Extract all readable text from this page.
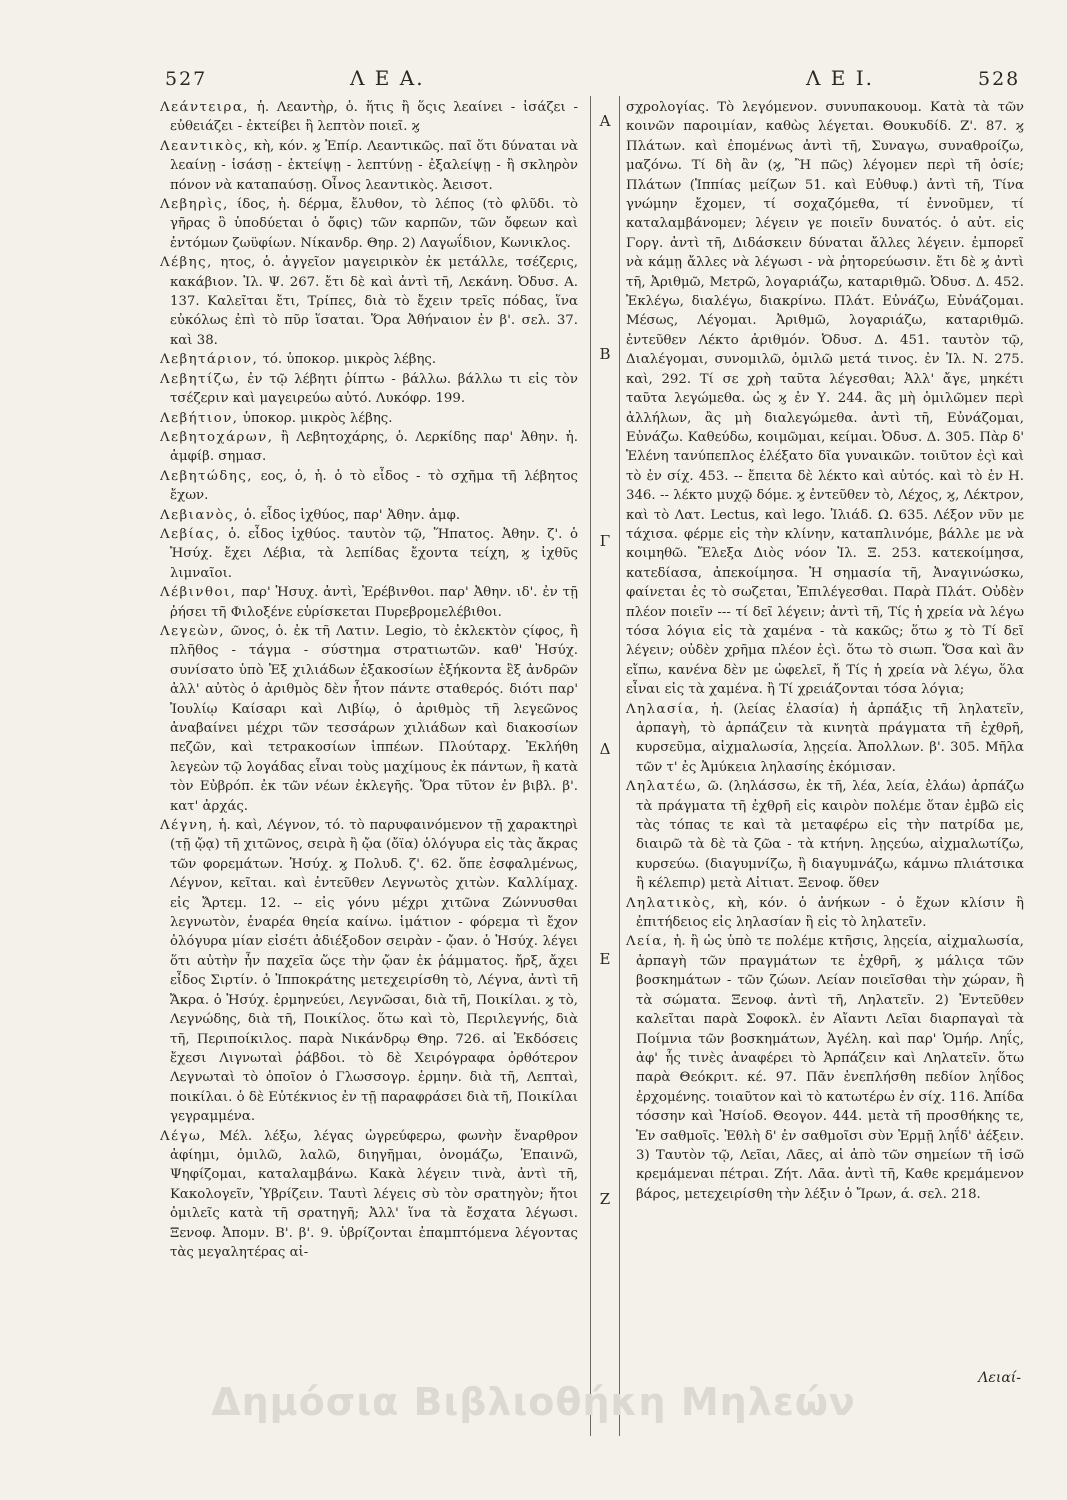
527	Λ Ε Α.	Λ Ε Ι.	528
Α
Β
Γ
Δ
Ε
Ζ

Λεάντειρα, ἡ. Λεαντὴρ, ὁ. ἥτις ἢ ὅςις λεαίνει - ἰσάζει - εὐθειάζει - ἐκτείβει ἢ λεπτὸν ποιεῖ. ϗ

Λεαντικὸς, κὴ, κόν. ϗ Ἐπίρ. Λεαντικῶς. παῖ ὅτι δύναται νὰ λεαίνῃ - ἰσάσῃ - ἐκτείψῃ - λεπτύνῃ - ἐξαλείψῃ - ἢ σκληρὸν πόνον νὰ καταπαύσῃ. Οἶνος λεαντικὸς. Ἀεισοτ.

Λεβηρὶς, ίδος, ἡ. δέρμα, ἔλυθον, τὸ λέπος (τὸ φλῦδι. τὸ γῆρας ὃ ὑποδύεται ὁ ὄφις) τῶν καρπῶν, τῶν ὄφεων καὶ ἐντόμων ζωϋφίων. Νίκανδρ. Θηρ. 2) Λαγωΐδιον, Κωνικλος.

Λέβης, ητος, ὁ. ἀγγεῖον μαγειρικὸν ἐκ μετάλλε, τσέζερις, κακάβιον. Ἰλ. Ψ. 267. ἔτι δὲ καὶ ἀντὶ τῆ, Λεκάνη. Ὀδυσ. Α. 137. Καλεῖται ἔτι, Τρίπες, διὰ τὸ ἔχειν τρεῖς πόδας, ἵνα εὐκόλως ἐπὶ τὸ πῦρ ἵσαται. Ὅρα Ἀθήναιον ἐν β'. σελ. 37. καὶ 38.

Λεβητάριον, τό. ὑποκορ. μικρὸς λέβης.

Λεβητίζω, ἐν τῷ λέβητι ῥίπτω - βάλλω. βάλλω τι εἰς τὸν τσέζεριν καὶ μαγειρεύω αὐτό. Λυκόφρ. 199.

Λεβήτιον, ὑποκορ. μικρὸς λέβης.

Λεβητοχάρων, ἢ Λεβητοχάρης, ὁ. Λερκίδης παρ' Ἀθην. ἡ. ἀμφίβ. σημασ.

Λεβητώδης, εος, ὁ, ἡ. ὁ τὸ εἶδος - τὸ σχῆμα τῆ λέβητος ἔχων.

Λεβιανὸς, ὁ. εἶδος ἰχθύος, παρ' Ἀθην. ἀμφ.

Λεβίας, ὁ. εἶδος ἰχθύος. ταυτὸν τῷ, Ἥπατος. Ἀθην. ζ'. ὁ Ἡσύχ. ἔχει Λέβια, τὰ λεπίδας ἔχοντα τείχη, ϗ ἰχθῦς λιμναῖοι.

Λέβινθοι, παρ' Ἡσυχ. ἀντὶ, Ἐρέβινθοι. παρ' Ἀθην. ιδ'. ἐν τῇ ῥήσει τῆ Φιλοξένε εὑρίσκεται Πυρεβρομελέβιθοι.

Λεγεὼν, ῶνος, ὁ. ἐκ τῆ Λατιν. Legio, τὸ ἐκλεκτὸν ςίφος, ἢ πλῆθος - τάγμα - σύστημα στρατιωτῶν. καθ' Ἡσύχ. συνίσατο ὑπὸ Ἐξ χιλιάδων ἑξακοσίων ἑξήκοντα ἓξ ἀνδρῶν ἀλλ' αὐτὸς ὁ ἀριθμὸς δὲν ἦτον πάντε σταθερός. διότι παρ' Ἰουλίῳ Καίσαρι καὶ Λιβίῳ, ὁ ἀριθμὸς τῆ λεγεῶνος ἀναβαίνει μέχρι τῶν τεσσάρων χιλιάδων καὶ διακοσίων πεζῶν, καὶ τετρακοσίων ἱππέων. Πλούταρχ. Ἐκλήθη λεγεὼν τῷ λογάδας εἶναι τοὺς μαχίμους ἐκ πάντων, ἢ κατὰ τὸν Εὐβρόπ. ἐκ τῶν νέων ἐκλεγῆς. Ὅρα τῦτον ἐν βιβλ. β'. κατ' ἀρχάς.

Λέγνη, ἡ. καὶ, Λέγνον, τό. τὸ παρυφαινόμενον τῇ χαρακτηρὶ (τῇ ᾤᾳ) τῆ χιτῶνος, σειρὰ ἢ ᾤα (ὄϊα) ὁλόγυρα εἰς τὰς ἄκρας τῶν φορεμάτων. Ἡσύχ. ϗ Πολυδ. ζ'. 62. ὅπε ἐσφαλμένως, Λέγνον, κεῖται. καὶ ἐντεῦθεν Λεγνωτὸς χιτὼν. Καλλίμαχ. εἰς Ἄρτεμ. 12. -- εἰς γόνυ μέχρι χιτῶνα Ζώννυσθαι λεγνωτὸν, ἐναρέα θηεία καίνω. ἱμάτιον - φόρεμα τὶ ἔχον ὁλόγυρα μίαν εἰσέτι ἀδιέξοδον σειρὰν - ᾤαν. ὁ Ἡσύχ. λέγει ὅτι αὐτὴν ἦν παχεῖα ὥςε τὴν ᾤαν ἐκ ῥάμματος. ἤρξ, ἄχει εἶδος Σιρτίν. ὁ Ἱπποκράτης μετεχειρίσθη τὸ, Λέγνα, ἀντὶ τῆ Ἄκρα. ὁ Ἡσύχ. ἑρμηνεύει, Λεγνῶσαι, διὰ τῆ, Ποικίλαι. ϗ τὸ, Λεγνώδης, διὰ τῆ, Ποικίλος. ὅτω καὶ τὸ, Περιλεγνής, διὰ τῆ, Περιποίκιλος. παρὰ Νικάνδρῳ Θηρ. 726. αἱ Ἐκδόσεις ἔχεσι Λιγνωταὶ ῥάβδοι. τὸ δὲ Χειρόγραφα ὀρθότερον Λεγνωταὶ τὸ ὁποῖον ὁ Γλωσσογρ. ἑρμην. διὰ τῆ, Λεπταὶ, ποικίλαι. ὁ δὲ Εὐτέκνιος ἐν τῇ παραφράσει διὰ τῆ, Ποικίλαι γεγραμμένα.

Λέγω, Μέλ. λέξω, λέγας ὠγρεύφερω, φωνὴν ἔναρθρον ἀφίημι, ὁμιλῶ, λαλῶ, διηγῆμαι, ὀνομάζω, Ἐπαινῶ, Ψηφίζομαι, καταλαμβάνω. Κακὰ λέγειν τινὰ, ἀντὶ τῆ, Κακολογεῖν, Ὑβρίζειν. Ταυτὶ λέγεις σὺ τὸν σρατηγὸν; ἤτοι ὁμιλεῖς κατὰ τῆ σρατηγῆ; Ἀλλ' ἵνα τὰ ἔσχατα λέγωσι. Ξενοφ. Ἀπομν. Β'. β'. 9. ὑβρίζονται ἐπαμπτόμενα λέγοντας τὰς μεγαλητέρας αἰ-

σχρολογίας. Τὸ λεγόμενον. συνυπακουομ. Κατὰ τὰ τῶν κοινῶν παροιμίαν, καθὼς λέγεται. Θουκυδίδ. Ζ'. 87. ϗ Πλάτων. καὶ ἐπομένως ἀντὶ τῆ, Συναγω, συναθροίζω, μαζόνω. Τί δὴ ἂν (ϗ, Ἢ πῶς) λέγομεν περὶ τῆ ὁσίε; Πλάτων (Ἱππίας μείζων 51. καὶ Εὐθυφ.) ἀντὶ τῆ, Τίνα γνώμην ἔχομεν, τί σοχαζόμεθα, τί ἐννοῦμεν, τί καταλαμβάνομεν; λέγειν γε ποιεῖν δυνατός. ὁ αὐτ. εἰς Γοργ. ἀντὶ τῆ, Διδάσκειν δύναται ἄλλες λέγειν. ἐμπορεῖ νὰ κάμῃ ἄλλες νὰ λέγωσι - νὰ ῥητορεύωσιν. ἔτι δὲ ϗ ἀντὶ τῆ, Ἀριθμῶ, Μετρῶ, λογαριάζω, καταριθμῶ. Ὀδυσ. Δ. 452. Ἐκλέγω, διαλέγω, διακρίνω. Πλάτ. Εὐνάζω, Εὐνάζομαι. Μέσως, Λέγομαι. Ἀριθμῶ, λογαριάζω, καταριθμῶ. ἐντεῦθεν Λέκτο ἀριθμόν. Ὀδυσ. Δ. 451. ταυτὸν τῷ, Διαλέγομαι, συνομιλῶ, ὁμιλῶ μετά τινος. ἐν Ἰλ. Ν. 275. καὶ, 292. Τί σε χρὴ ταῦτα λέγεσθαι; Ἀλλ' ἄγε, μηκέτι ταῦτα λεγώμεθα. ὡς ϗ ἐν Υ. 244. ἂς μὴ ὁμιλῶμεν περὶ ἀλλήλων, ἂς μὴ διαλεγώμεθα. ἀντὶ τῆ, Εὐνάζομαι, Εὐνάζω. Καθεύδω, κοιμῶμαι, κείμαι. Ὀδυσ. Δ. 305. Πὰρ δ' Ἑλένη τανύπεπλος ἐλέξατο δῖα γυναικῶν. τοιῦτον ἐςὶ καὶ τὸ ἐν σίχ. 453. -- ἔπειτα δὲ λέκτο καὶ αὐτός. καὶ τὸ ἐν Η. 346. -- λέκτο μυχῷ δόμε. ϗ ἐντεῦθεν τὸ, Λέχος, ϗ, Λέκτρον, καὶ τὸ Λατ. Lectus, καὶ lego. Ἰλιάδ. Ω. 635. Λέξον νῦν με τάχισα. φέρμε εἰς τὴν κλίνην, καταπλινόμε, βάλλε με νὰ κοιμηθῶ. Ἔλεξα Διὸς νόον Ἰλ. Ξ. 253. κατεκοίμησα, κατεδίασα, ἀπεκοίμησα. Ἡ σημασία τῆ, Ἀναγινώσκω, φαίνεται ἐς τὸ σωζεται, Ἐπιλέγεσθαι. Παρὰ Πλάτ. Οὐδὲν πλέον ποιεῖν --- τί δεῖ λέγειν; ἀντὶ τῆ, Τίς ἡ χρεία νὰ λέγω τόσα λόγια εἰς τὰ χαμένα - τὰ κακῶς; ὅτω ϗ τὸ Τί δεῖ λέγειν; οὐδὲν χρῆμα πλέον ἐςὶ. ὅτω τὸ σιωπ. Ὅσα καὶ ἂν εἴπω, κανένα δὲν με ὠφελεῖ, ἤ Τίς ἡ χρεία νὰ λέγω, ὅλα εἶναι εἰς τὰ χαμένα. ἢ Τί χρειάζονται τόσα λόγια;

Ληλασία, ἡ. (λείας ἐλασία) ἡ ἁρπάξις τῆ ληλατεῖν, ἁρπαγὴ, τὸ ἁρπάζειν τὰ κινητὰ πράγματα τῆ ἐχθρῆ, κυρσεῦμα, αἰχμαλωσία, λῃςεία. Ἀπολλων. β'. 305. Μῆλα τῶν τ' ἐς Ἀμύκεια ληλασίης ἐκόμισαν.

Ληλατέω, ῶ. (ληλάσσω, ἐκ τῆ, λέα, λεία, ἐλάω) ἁρπάζω τὰ πράγματα τῆ ἐχθρῆ εἰς καιρὸν πολέμε ὅταν ἐμβῶ εἰς τὰς τόπας τε καὶ τὰ μεταφέρω εἰς τὴν πατρίδα με, διαιρῶ τὰ δὲ τὰ ζῶα - τὰ κτήνη. λῃςεύω, αἰχμαλωτίζω, κυρσεύω. (διαγυμνίζω, ἢ διαγυμνάζω, κάμνω πλιάτσικα ἢ κέλεπιρ) μετὰ Αἰτιατ. Ξενοφ. ὅθεν

Ληλατικὸς, κὴ, κόν. ὁ ἀνήκων - ὁ ἔχων κλίσιν ἢ ἐπιτήδειος εἰς ληλασίαν ἢ εἰς τὸ ληλατεῖν.

Λεία, ἡ. ἢ ὡς ὑπὸ τε πολέμε κτῆσις, λῃςεία, αἰχμαλωσία, ἁρπαγὴ τῶν πραγμάτων τε ἐχθρῆ, ϗ μάλιςα τῶν βοσκημάτων - τῶν ζώων. Λείαν ποιεῖσθαι τὴν χώραν, ἢ τὰ σώματα. Ξενοφ. ἀντὶ τῆ, Ληλατεῖν. 2) Ἐντεῦθεν καλεῖται παρὰ Σοφοκλ. ἐν Αἴαντι Λεῖαι διαρπαγαὶ τὰ Ποίμνια τῶν βοσκημάτων, Ἀγέλη. καὶ παρ' Ὁμήρ. Ληΐς, ἀφ' ἧς τινὲς ἀναφέρει τὸ Ἁρπάζειν καὶ Ληλατεῖν. ὅτω παρὰ Θεόκριτ. κέ. 97. Πᾶν ἐνεπλήσθη πεδίον ληΐδος ἐρχομένης. τοιαῦτον καὶ τὸ κατωτέρω ἐν σίχ. 116. Ἀπίδα τόσσην καὶ Ἡσίοδ. Θεογον. 444. μετὰ τῆ προσθήκης τε, Ἐν σαθμοῖς. Ἐθλὴ δ' ἐν σαθμοῖσι σὺν Ἑρμῇ ληΐδ' ἀέξειν. 3) Ταυτὸν τῷ, Λεῖαι, Λᾶες, αἱ ἀπὸ τῶν σημείων τῆ ἱσῶ κρεμάμεναι πέτραι. Ζήτ. Λᾶα. ἀντὶ τῆ, Καθε κρεμάμενον βάρος, μετεχειρίσθη τὴν λέξιν ὁ Ἴρων, ά. σελ. 218.

Λειαί-
Δημόσια Βιβλιοθήκη Μηλεών
